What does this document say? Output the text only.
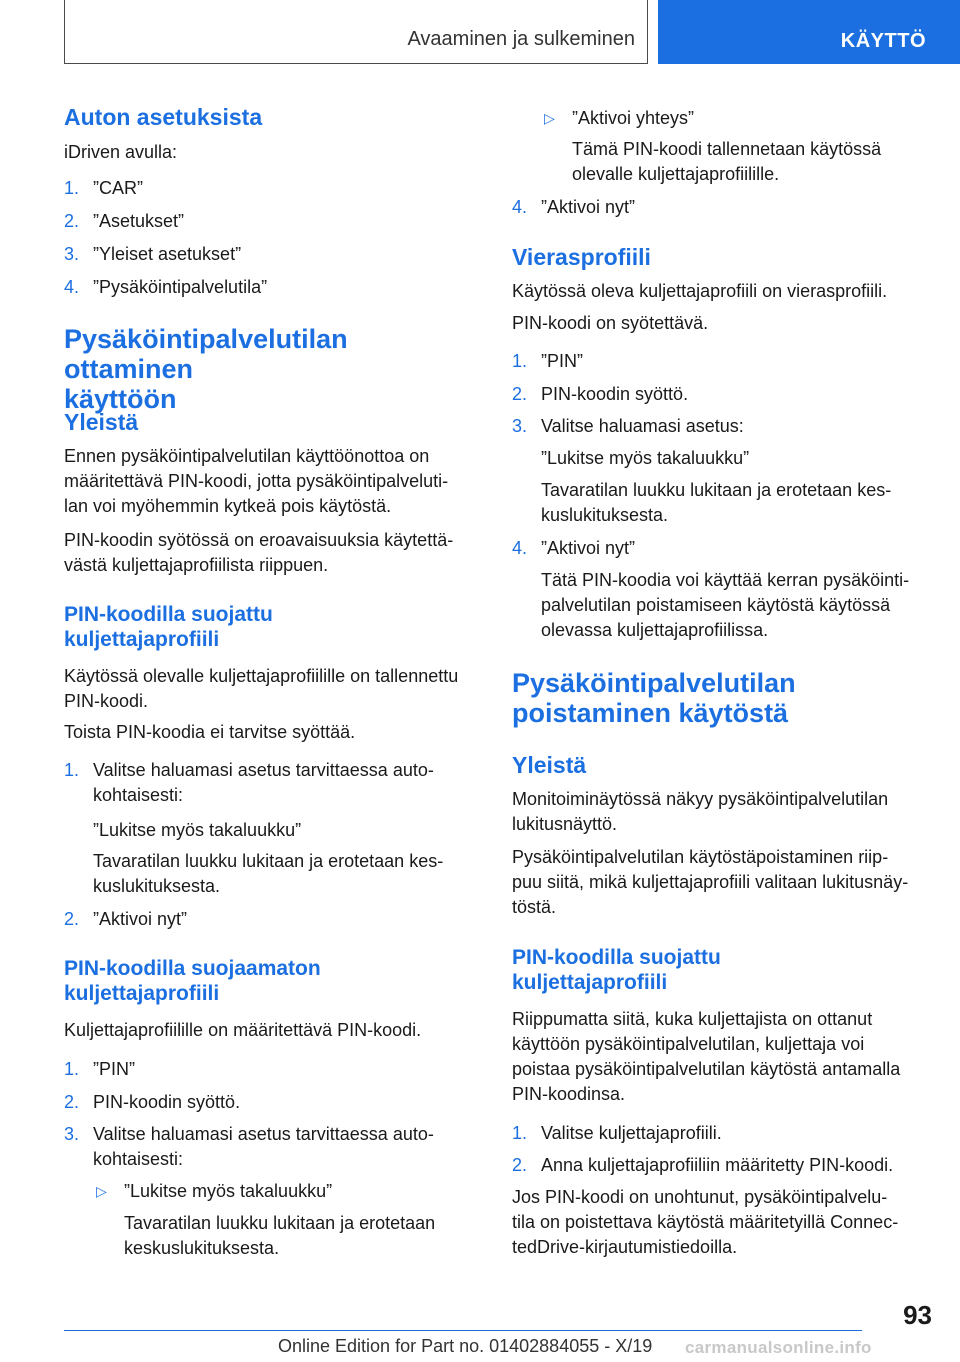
Avaaminen ja sulkeminen	KÄYTTÖ
Auton asetuksista
iDriven avulla:
1. ”CAR”
2. ”Asetukset”
3. ”Yleiset asetukset”
4. ”Pysäköintipalvelutila”
Pysäköintipalvelutilan ottaminen
käyttöön
Yleistä
Ennen pysäköintipalvelutilan käyttöönottoa on
määritettävä PIN-koodi, jotta pysäköintipalveluti-
lan voi myöhemmin kytkeä pois käytöstä.
PIN-koodin syötössä on eroavaisuuksia käytettä-
västä kuljettajaprofiilista riippuen.
PIN-koodilla suojattu
kuljettajaprofiili
Käytössä olevalle kuljettajaprofiilille on tallennettu
PIN-koodi.
Toista PIN-koodia ei tarvitse syöttää.
1. Valitse haluamasi asetus tarvittaessa auto-
kohtaisesti:
”Lukitse myös takaluukku”
Tavaratilan luukku lukitaan ja erotetaan kes-
kuslukituksesta.
2. ”Aktivoi nyt”
PIN-koodilla suojaamaton
kuljettajaprofiili
Kuljettajaprofiilille on määritettävä PIN-koodi.
1. ”PIN”
2. PIN-koodin syöttö.
3. Valitse haluamasi asetus tarvittaessa auto-
kohtaisesti:
▷ ”Lukitse myös takaluukku”
Tavaratilan luukku lukitaan ja erotetaan
keskuslukituksesta.
▷ ”Aktivoi yhteys”
Tämä PIN-koodi tallennetaan käytössä
olevalle kuljettajaprofiilille.
4. ”Aktivoi nyt”
Vierasprofiili
Käytössä oleva kuljettajaprofiili on vierasprofiili.
PIN-koodi on syötettävä.
1. ”PIN”
2. PIN-koodin syöttö.
3. Valitse haluamasi asetus:
”Lukitse myös takaluukku”
Tavaratilan luukku lukitaan ja erotetaan kes-
kuslukituksesta.
4. ”Aktivoi nyt”
Tätä PIN-koodia voi käyttää kerran pysäköinti-
palvelutilan poistamiseen käytöstä käytössä
olevassa kuljettajaprofiilissa.
Pysäköintipalvelutilan
poistaminen käytöstä
Yleistä
Monitoiminäytössä näkyy pysäköintipalvelutilan
lukitusnäyttö.
Pysäköintipalvelutilan käytöstäpoistaminen riip-
puu siitä, mikä kuljettajaprofiili valitaan lukitusnäy-
töstä.
PIN-koodilla suojattu
kuljettajaprofiili
Riippumatta siitä, kuka kuljettajista on ottanut
käyttöön pysäköintipalvelutilan, kuljettaja voi
poistaa pysäköintipalvelutilan käytöstä antamalla
PIN-koodinsa.
1. Valitse kuljettajaprofiili.
2. Anna kuljettajaprofiiliin määritetty PIN-koodi.
Jos PIN-koodi on unohtunut, pysäköintipalvelu-
tila on poistettava käytöstä määritetyillä Connec-
tedDrive-kirjautumistiedoilla.
93
Online Edition for Part no. 01402884055 - X/19 carmanualsonline.info
